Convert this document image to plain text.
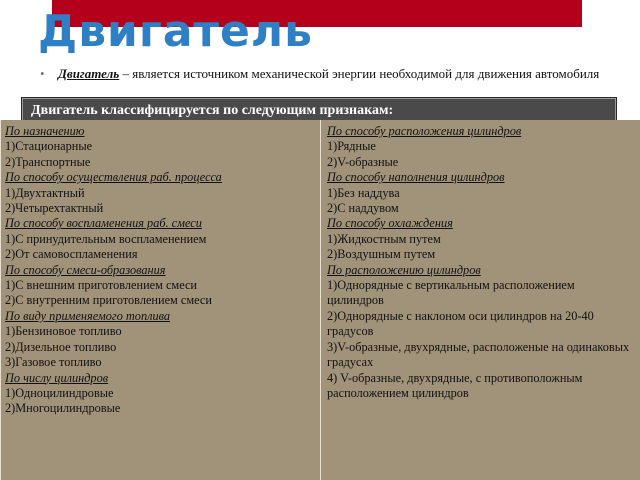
Двигатель
•	Двигатель – является источником механической энергии необходимой для движения автомобиля
Двигатель классифицируется по следующим признакам:
По назначению
1)Стационарные
2)Транспортные
По способу осуществления раб. процесса
1)Двухтактный
2)Четырехтактный
По способу воспламенения раб. смеси
1)С принудительным воспламенением
2)От самовоспламенения
По способу смеси-образования
1)С внешним приготовлением смеси
2)С внутренним приготовлением смеси
По виду применяемого топлива
1)Бензиновое топливо
2)Дизельное топливо
3)Газовое топливо
По числу цилиндров
1)Одноцилиндровые
2)Многоцилиндровые
По способу расположения цилиндров
1)Рядные
2)V-образные
По способу наполнения цилиндров
1)Без наддува
2)С наддувом
По способу охлаждения
1)Жидкостным путем
2)Воздушным путем
По расположению цилиндров
1)Однорядные с вертикальным расположением цилиндров
2)Однорядные с наклоном оси цилиндров на 20-40 градусов
3)V-образные, двухрядные, расположеные на одинаковых градусах
4) V-образные, двухрядные, с противоположным расположением цилиндров
